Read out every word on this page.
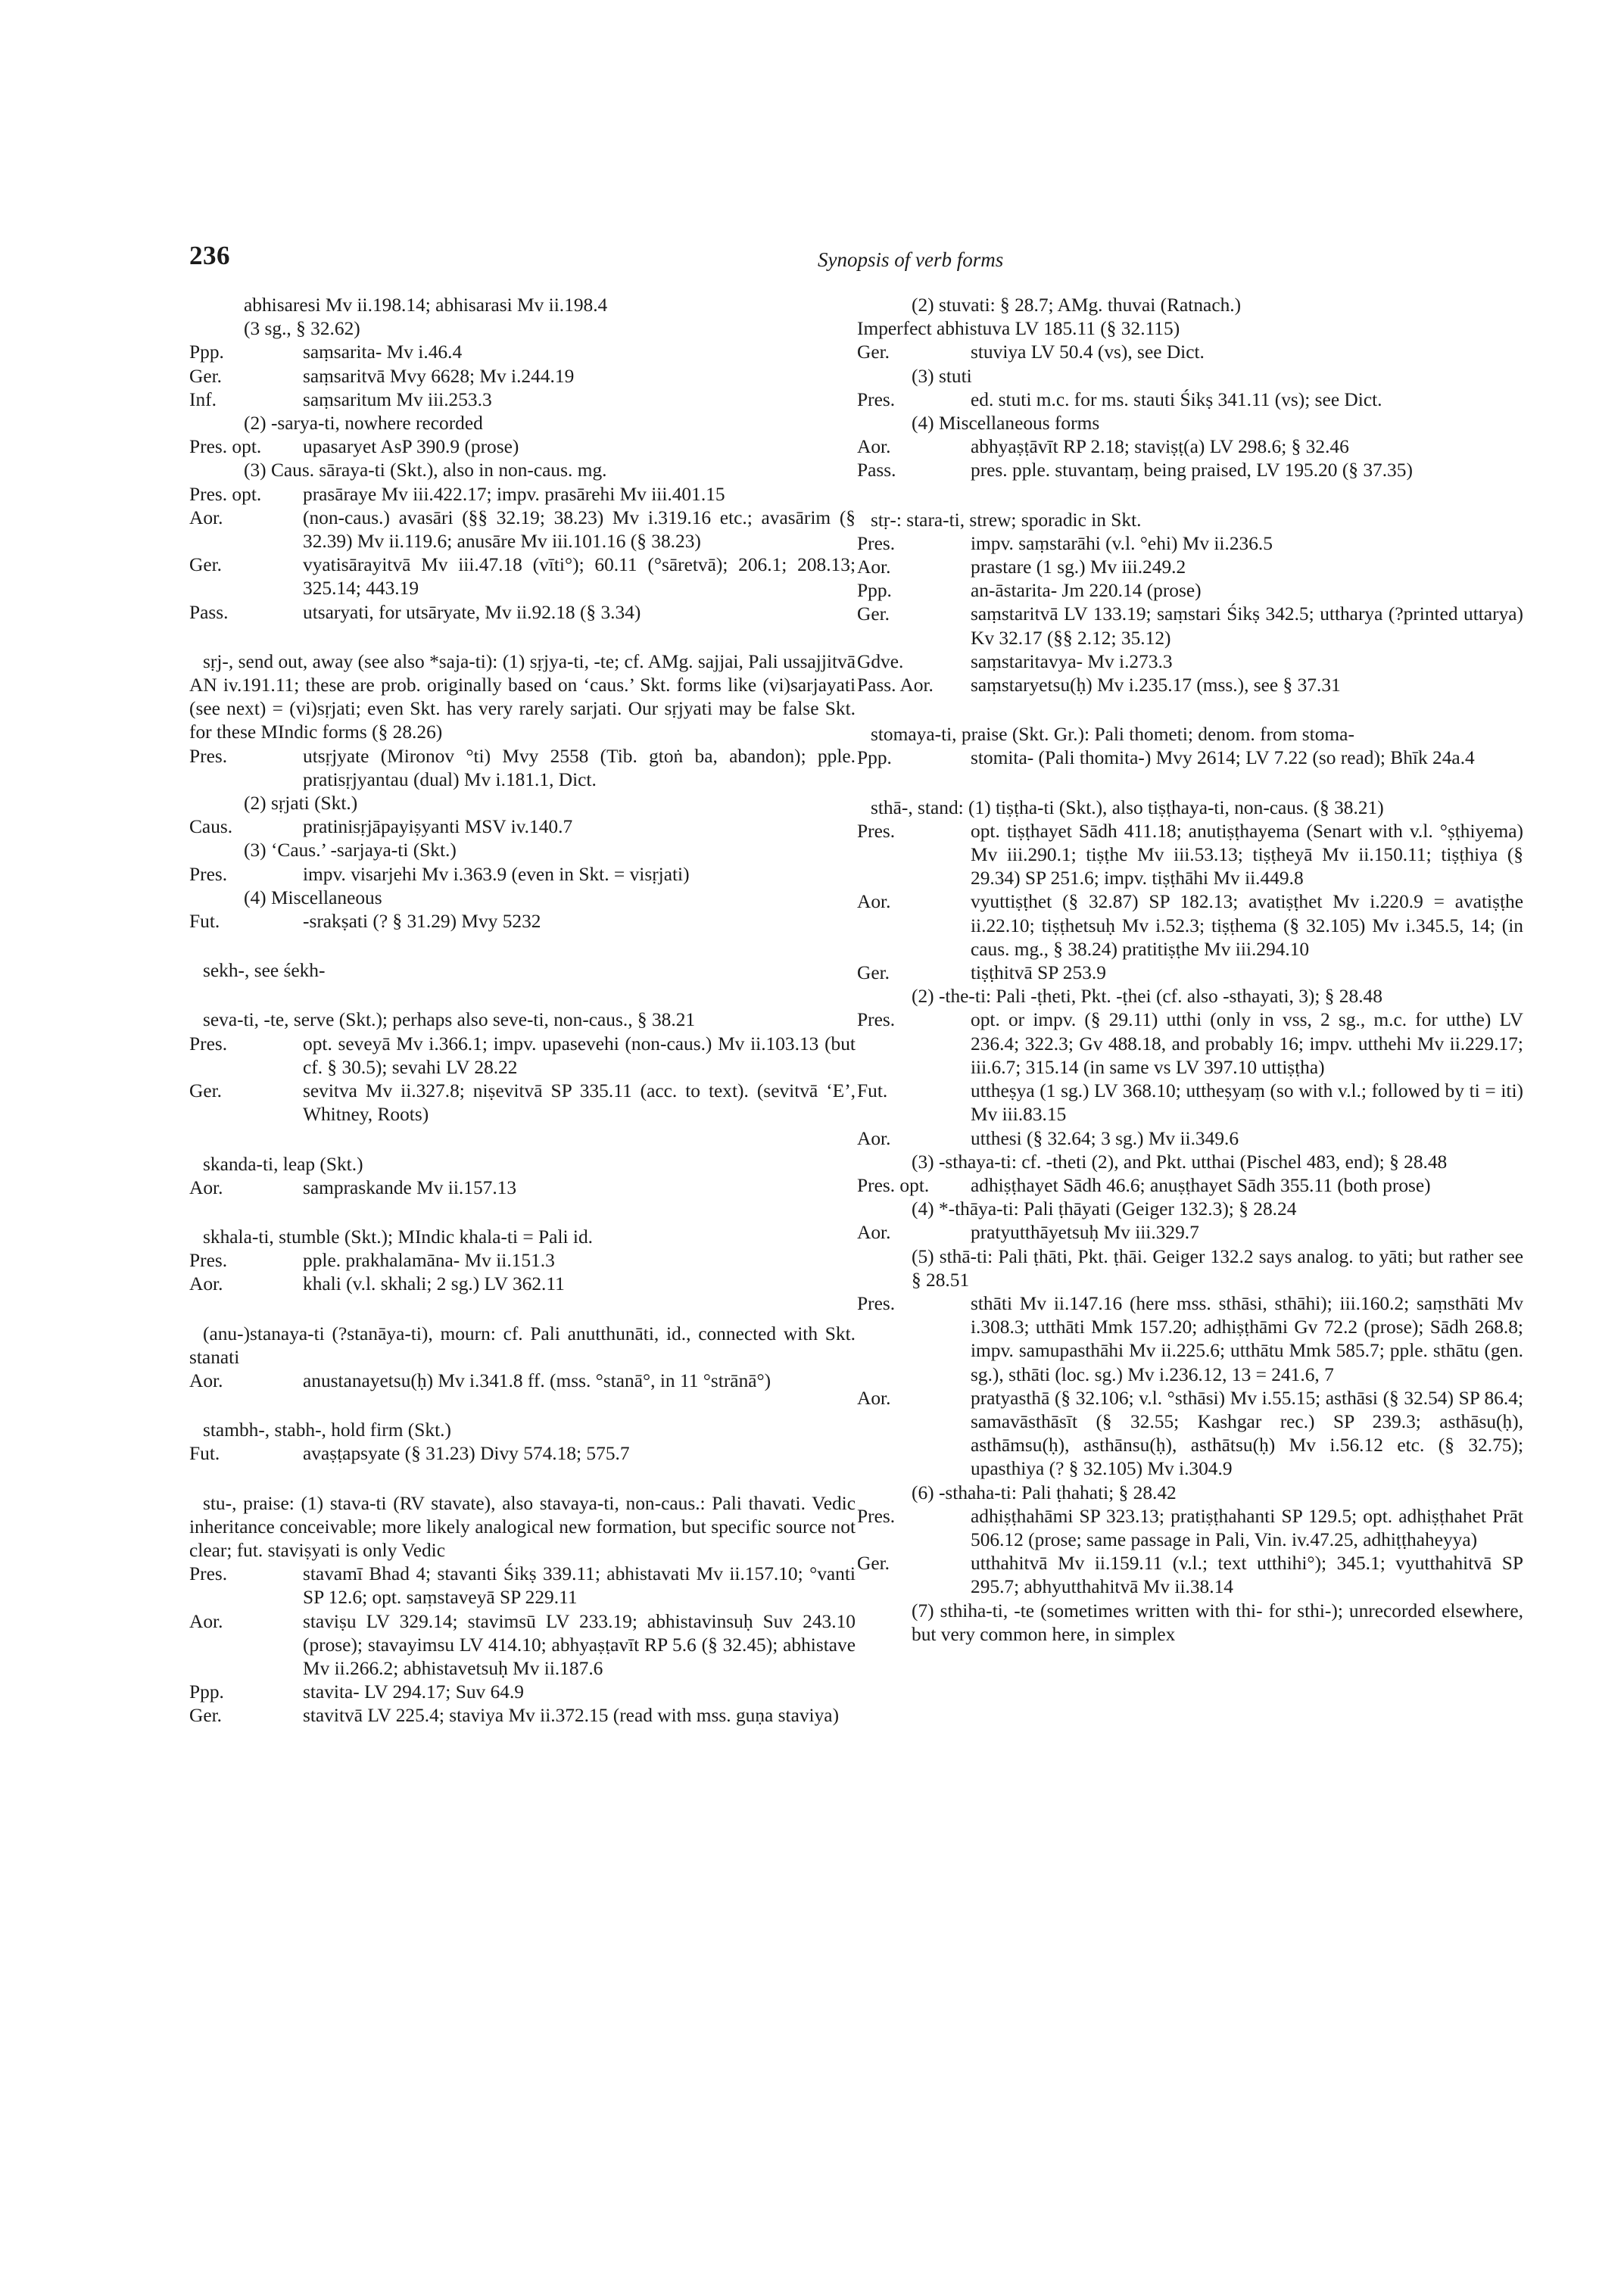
236	Synopsis of verb forms

abhisaresi Mv ii.198.14; abhisarasi Mv ii.198.4

(3 sg., § 32.62)

Ppp.	saṃsarita- Mv i.46.4

Ger.	saṃsaritvā Mvy 6628; Mv i.244.19

Inf.	saṃsaritum Mv iii.253.3

(2) -sarya-ti, nowhere recorded

Pres. opt. upasaryet AsP 390.9 (prose)

(3) Caus. sāraya-ti (Skt.), also in non-caus. mg.

Pres. opt. prasāraye Mv iii.422.17; impv. prasārehi Mv iii.401.15

Aor.	(non-caus.) avasāri (§§ 32.19; 38.23) Mv i.319.16 etc.; avasārim (§ 32.39) Mv ii.119.6; anusāre Mv iii.101.16 (§ 38.23)

Ger.	vyatisārayitvā Mv iii.47.18 (vīti°); 60.11 (°sāretvā); 206.1; 208.13; 325.14; 443.19

Pass.	utsaryati, for utsāryate, Mv ii.92.18 (§ 3.34)

sṛj-, send out, away (see also *saja-ti): (1) sṛjya-ti, -te; cf. AMg. sajjai, Pali ussajjitvā AN iv.191.11; these are prob. originally based on ‘caus.’ Skt. forms like (vi)sarjayati (see next) = (vi)sṛjati; even Skt. has very rarely sarjati. Our sṛjyati may be false Skt. for these MIndic forms (§ 28.26)

Pres.	utsṛjyate (Mironov °ti) Mvy 2558 (Tib. gtoṅ ba, abandon); pple. pratisṛjyantau (dual) Mv i.181.1, Dict.

(2) sṛjati (Skt.)

Caus.	pratinisṛjāpayiṣyanti MSV iv.140.7

(3) ‘Caus.’ -sarjaya-ti (Skt.)

Pres.	impv. visarjehi Mv i.363.9 (even in Skt. = visṛjati)

(4) Miscellaneous

Fut.	-srakṣati (? § 31.29) Mvy 5232

sekh-, see śekh-

seva-ti, -te, serve (Skt.); perhaps also seve-ti, non-caus., § 38.21

Pres.	opt. seveyā Mv i.366.1; impv. upasevehi (non-caus.) Mv ii.103.13 (but cf. § 30.5); sevahi LV 28.22

Ger.	sevitva Mv ii.327.8; niṣevitvā SP 335.11 (acc. to text). (sevitvā ‘E’, Whitney, Roots)

skanda-ti, leap (Skt.)

Aor.	sampraskande Mv ii.157.13

skhala-ti, stumble (Skt.); MIndic khala-ti = Pali id.

Pres.	pple. prakhalamāna- Mv ii.151.3

Aor.	khali (v.l. skhali; 2 sg.) LV 362.11

(anu-)stanaya-ti (?stanāya-ti), mourn: cf. Pali anutthunāti, id., connected with Skt. stanati

Aor.	anustanayetsu(ḥ) Mv i.341.8 ff. (mss. °stanā°, in 11 °strānā°)

stambh-, stabh-, hold firm (Skt.)

Fut.	avaṣṭapsyate (§ 31.23) Divy 574.18; 575.7

stu-, praise: (1) stava-ti (RV stavate), also stavaya-ti, non-caus.: Pali thavati. Vedic inheritance conceivable; more likely analogical new formation, but specific source not clear; fut. staviṣyati is only Vedic

Pres.	stavamī Bhad 4; stavanti Śikṣ 339.11; abhistavati Mv ii.157.10; °vanti SP 12.6; opt. saṃstaveyā SP 229.11

Aor.	staviṣu LV 329.14; stavimsū LV 233.19; abhistavinsuḥ Suv 243.10 (prose); stavayimsu LV 414.10; abhyaṣṭavīt RP 5.6 (§ 32.45); abhistave Mv ii.266.2; abhistavetsuḥ Mv ii.187.6

Ppp.	stavita- LV 294.17; Suv 64.9

Ger.	stavitvā LV 225.4; staviya Mv ii.372.15 (read with mss. guṇa staviya)

(2) stuvati: § 28.7; AMg. thuvai (Ratnach.)

Imperfect abhistuva LV 185.11 (§ 32.115)

Ger.	stuviya LV 50.4 (vs), see Dict.

(3) stuti

Pres.	ed. stuti m.c. for ms. stauti Śikṣ 341.11 (vs); see Dict.

(4) Miscellaneous forms

Aor.	abhyaṣṭāvīt RP 2.18; staviṣṭ(a) LV 298.6; § 32.46

Pass.	pres. pple. stuvantaṃ, being praised, LV 195.20 (§ 37.35)

stṛ-: stara-ti, strew; sporadic in Skt.

Pres.	impv. saṃstarāhi (v.l. °ehi) Mv ii.236.5

Aor.	prastare (1 sg.) Mv iii.249.2

Ppp.	an-āstarita- Jm 220.14 (prose)

Ger.	saṃstaritvā LV 133.19; saṃstari Śikṣ 342.5; uttharya (?printed uttarya) Kv 32.17 (§§ 2.12; 35.12)

Gdve.	saṃstaritavya- Mv i.273.3

Pass. Aor. saṃstaryetsu(ḥ) Mv i.235.17 (mss.), see § 37.31

stomaya-ti, praise (Skt. Gr.): Pali thometi; denom. from stoma-

Ppp.	stomita- (Pali thomita-) Mvy 2614; LV 7.22 (so read); Bhīk 24a.4

sthā-, stand: (1) tiṣṭha-ti (Skt.), also tiṣṭhaya-ti, non-caus. (§ 38.21)

Pres.	opt. tiṣṭhayet Sādh 411.18; anutiṣṭhayema (Senart with v.l. °ṣṭhiyema) Mv iii.290.1; tiṣṭhe Mv iii.53.13; tiṣṭheyā Mv ii.150.11; tiṣṭhiya (§ 29.34) SP 251.6; impv. tiṣṭhāhi Mv ii.449.8

Aor.	vyuttiṣṭhet (§ 32.87) SP 182.13; avatiṣṭhet Mv i.220.9 = avatiṣṭhe ii.22.10; tiṣṭhetsuḥ Mv i.52.3; tiṣṭhema (§ 32.105) Mv i.345.5, 14; (in caus. mg., § 38.24) pratitiṣṭhe Mv iii.294.10

Ger.	tiṣṭhitvā SP 253.9

(2) -the-ti: Pali -ṭheti, Pkt. -ṭhei (cf. also -sthayati, 3); § 28.48

Pres.	opt. or impv. (§ 29.11) utthi (only in vss, 2 sg., m.c. for utthe) LV 236.4; 322.3; Gv 488.18, and probably 16; impv. utthehi Mv ii.229.17; iii.6.7; 315.14 (in same vs LV 397.10 uttiṣṭha)

Fut.	uttheṣya (1 sg.) LV 368.10; uttheṣyaṃ (so with v.l.; followed by ti = iti) Mv iii.83.15

Aor.	utthesi (§ 32.64; 3 sg.) Mv ii.349.6

(3) -sthaya-ti: cf. -theti (2), and Pkt. utthai (Pischel 483, end); § 28.48

Pres. opt. adhiṣṭhayet Sādh 46.6; anuṣṭhayet Sādh 355.11 (both prose)

(4) *-thāya-ti: Pali ṭhāyati (Geiger 132.3); § 28.24

Aor.	pratyutthāyetsuḥ Mv iii.329.7

(5) sthā-ti: Pali ṭhāti, Pkt. ṭhāi. Geiger 132.2 says analog. to yāti; but rather see § 28.51

Pres.	sthāti Mv ii.147.16 (here mss. sthāsi, sthāhi); iii.160.2; saṃsthāti Mv i.308.3; utthāti Mmk 157.20; adhiṣṭhāmi Gv 72.2 (prose); Sādh 268.8; impv. samupasthāhi Mv ii.225.6; utthātu Mmk 585.7; pple. sthātu (gen. sg.), sthāti (loc. sg.) Mv i.236.12, 13 = 241.6, 7

Aor.	pratyasthā (§ 32.106; v.l. °sthāsi) Mv i.55.15; asthāsi (§ 32.54) SP 86.4; samavāsthāsīt (§ 32.55; Kashgar rec.) SP 239.3; asthāsu(ḥ), asthāmsu(ḥ), asthānsu(ḥ), asthātsu(ḥ) Mv i.56.12 etc. (§ 32.75); upasthiya (? § 32.105) Mv i.304.9

(6) -sthaha-ti: Pali ṭhahati; § 28.42

Pres.	adhiṣṭhahāmi SP 323.13; pratiṣṭhahanti SP 129.5; opt. adhiṣṭhahet Prāt 506.12 (prose; same passage in Pali, Vin. iv.47.25, adhiṭṭhaheyya)

Ger.	utthahitvā Mv ii.159.11 (v.l.; text utthihi°); 345.1; vyutthahitvā SP 295.7; abhyutthahitvā Mv ii.38.14

(7) sthiha-ti, -te (sometimes written with thi- for sthi-); unrecorded elsewhere, but very common here, in simplex
